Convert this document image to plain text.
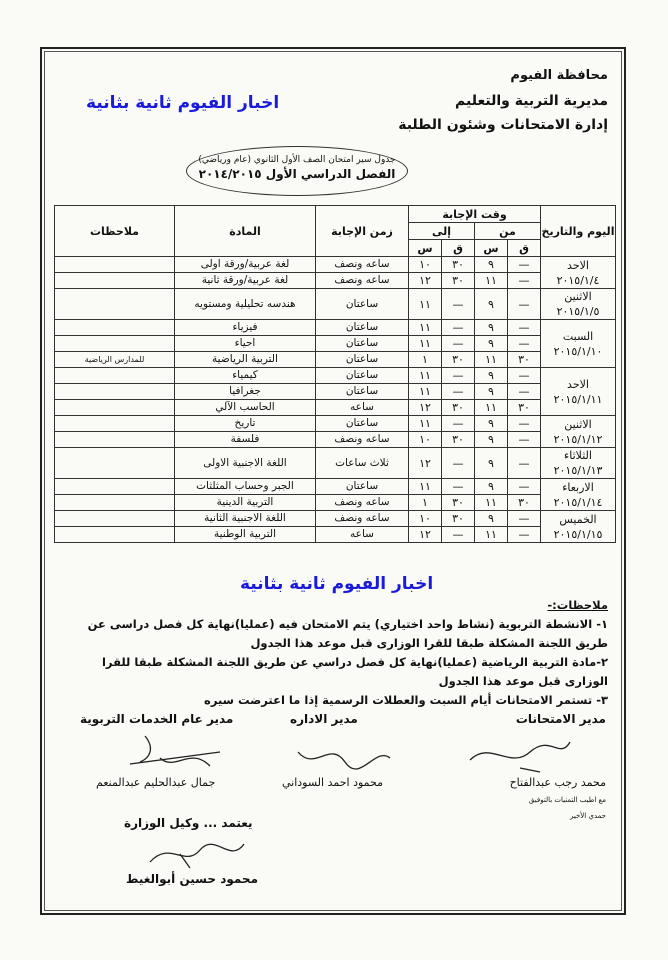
محافظة الفيوم
مديرية التربية والتعليم
إدارة الامتحانات وشئون الطلبة
اخبار الفيوم ثانية بثانية
جدول سير امتحان الصف الأول الثانوي (عام ورياضي)
الفصل الدراسي الأول ٢٠١٤/٢٠١٥
اليوم والتاريخ	وقت الإجابة				زمن الإجابة	المادة	ملاحظات
	من		إلى				
	ق	س	ق	س			

الاحد
٢٠١٥/١/٤	—	٩	٣٠	١٠	ساعه ونصف	لغة عربية/ورقة اولى	
	—	١١	٣٠	١٢	ساعه ونصف	لغة عربية/ورقة ثانية	

الاثنين
٢٠١٥/١/٥	—	٩	—	١١	ساعتان	هندسه تحليلية ومستويه	

السبت
٢٠١٥/١/١٠	—	٩	—	١١	ساعتان	فيزياء	
	—	٩	—	١١	ساعتان	احياء	
	٣٠	١١	٣٠	١	ساعتان	التربية الرياضية	للمدارس الرياضية

الاحد
٢٠١٥/١/١١	—	٩	—	١١	ساعتان	كيمياء	
	—	٩	—	١١	ساعتان	جغرافيا	
	٣٠	١١	٣٠	١٢	ساعه	الحاسب الآلي	

الاثنين
٢٠١٥/١/١٢	—	٩	—	١١	ساعتان	تاريخ	
	—	٩	٣٠	١٠	ساعه ونصف	فلسفة	

الثلاثاء
٢٠١٥/١/١٣	—	٩	—	١٢	ثلاث ساعات	اللغة الاجنبية الاولى	

الاربعاء
٢٠١٥/١/١٤	—	٩	—	١١	ساعتان	الجبر وحساب المثلثات	
	٣٠	١١	٣٠	١	ساعه ونصف	التربية الدينية	

الخميس
٢٠١٥/١/١٥	—	٩	٣٠	١٠	ساعه ونصف	اللغة الاجنبية الثانية	
	—	١١	—	١٢	ساعه	التربية الوطنية	
اخبار الفيوم ثانية بثانية
ملاحظات:-
١- الانشطة التربوية (نشاط واحد اختياري) يتم الامتحان فيه (عمليا)نهاية كل فصل دراسى عن طريق اللجنة المشكلة طبقا للقرا الوزارى قبل موعد هذا الجدول
٢-مادة التربية الرياضية (عمليا)نهاية كل فصل دراسي عن طريق اللجنة المشكلة طبقا للقرا الوزارى قبل موعد هذا الجدول
٣- تستمر الامتحانات أيام السبت والعطلات الرسمية إذا ما اعترضت سيره
مدير الامتحانات
مدير الاداره
مدير عام الخدمات التربوية
محمد رجب عبدالفتاح
محمود احمد السوداني
جمال عبدالحليم عبدالمنعم
مع اطيب التمنيات بالتوفيق
حمدي الأخير
يعتمد ... وكيل الوزارة
محمود حسين أبوالغيط
